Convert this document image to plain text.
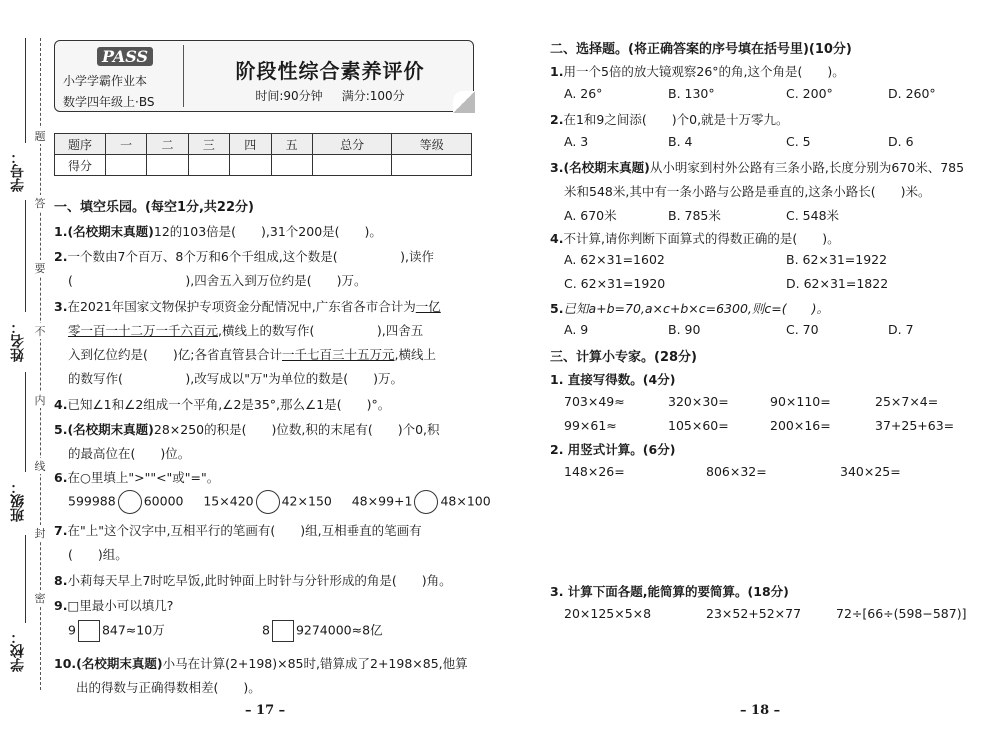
学号：
姓名：
班级：
学校：
题
答
要
不
内
线
封
密
PASS
小学学霸作业本
数学四年级上·BS
阶段性综合素养评价
时间:90分钟 满分:100分
题序	一	二	三	四	五	总分	等级
得分							
一、填空乐园。(每空1分,共22分)
1.(名校期末真题)12的103倍是(　　),31个200是(　　)。
2.一个数由7个百万、8个万和6个千组成,这个数是(　　　　　),读作
(　　　　　　　　　),四舍五入到万位约是(　　)万。
3.在2021年国家文物保护专项资金分配情况中,广东省各市合计为一亿
零一百一十二万一千六百元,横线上的数写作(　　　　　),四舍五
入到亿位约是(　　)亿;各省直管县合计一千七百三十五万元,横线上
的数写作(　　　　　),改写成以"万"为单位的数是(　　)万。
4.已知∠1和∠2组成一个平角,∠2是35°,那么∠1是(　　)°。
5.(名校期末真题)28×250的积是(　　)位数,积的末尾有(　　)个0,积
的最高位在(　　)位。
6.在○里填上">""<"或"="。
599988 60000 15×420 42×150 48×99+1 48×100
7.在"上"这个汉字中,互相平行的笔画有(　　)组,互相垂直的笔画有
(　　)组。
8.小莉每天早上7时吃早饭,此时钟面上时针与分针形成的角是(　　)角。
9.□里最小可以填几?
9 847≈10万	8 9274000≈8亿
10.(名校期末真题)小马在计算(2+198)×85时,错算成了2+198×85,他算
出的得数与正确得数相差(　　)。
– 17 –
二、选择题。(将正确答案的序号填在括号里)(10分)
1.用一个5倍的放大镜观察26°的角,这个角是(　　)。
A. 26°	B. 130°	C. 200°	D. 260°
2.在1和9之间添(　　)个0,就是十万零九。
A. 3	B. 4	C. 5	D. 6
3.(名校期末真题)从小明家到村外公路有三条小路,长度分别为670米、785
米和548米,其中有一条小路与公路是垂直的,这条小路长(　　)米。
A. 670米	B. 785米	C. 548米
4.不计算,请你判断下面算式的得数正确的是(　　)。
A. 62×31=1602	B. 62×31=1922
C. 62×31=1920	D. 62×31=1822
5.已知a+b=70,a×c+b×c=6300,则c=(　　)。
A. 9	B. 90	C. 70	D. 7
三、计算小专家。(28分)
1. 直接写得数。(4分)
703×49≈	320×30=	90×110=	25×7×4=
99×61≈	105×60=	200×16=	37+25+63=
2. 用竖式计算。(6分)
148×26=	806×32=	340×25=
3. 计算下面各题,能简算的要简算。(18分)
20×125×5×8	23×52+52×77	72÷[66÷(598−587)]
– 18 –
